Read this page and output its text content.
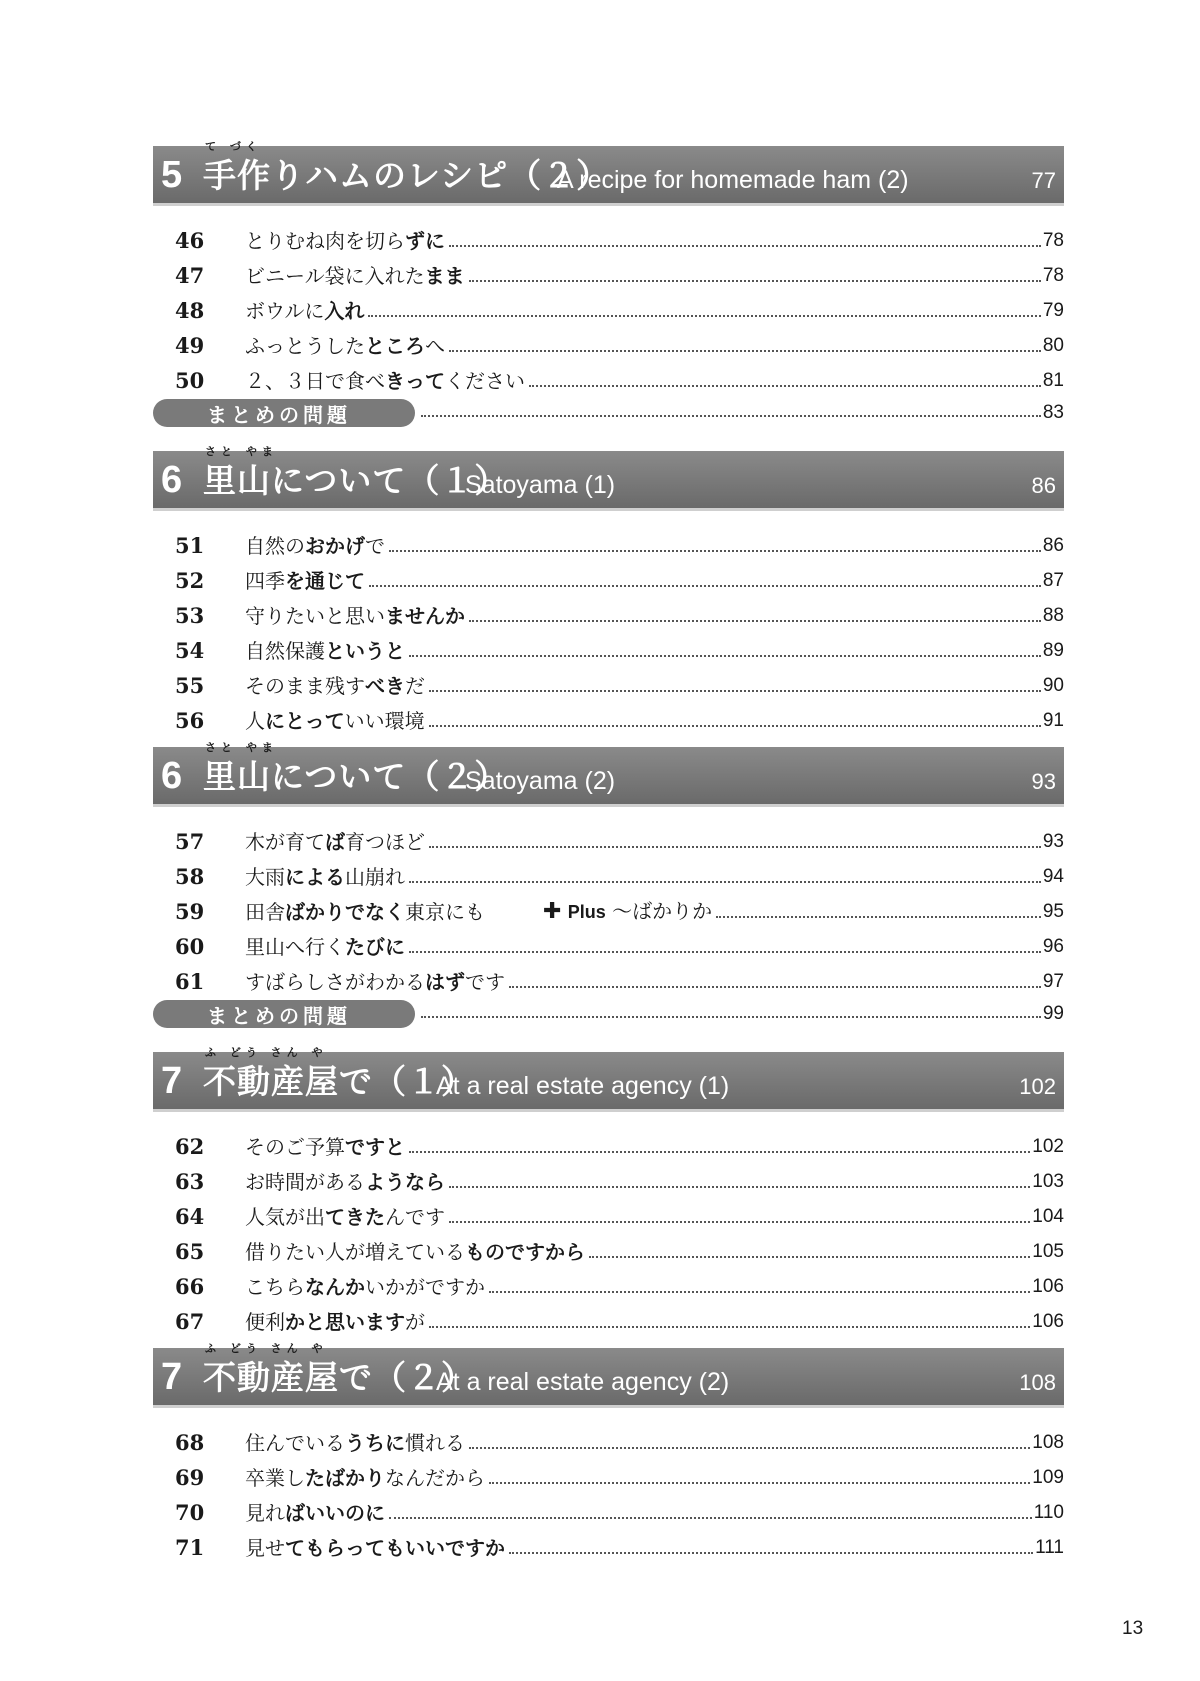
5
て づく
手作りハムのレシピ（２）
A recipe for homemade ham (2)	77
46	とりむね肉を切らずに	78
47	ビニール袋に入れたまま	78
48	ボウルに入れ	79
49	ふっとうしたところへ	80
50	２、３日で食べきってください	81
まとめの問題	83
6
さと やま
里山について（１）
Satoyama (1)	86
51	自然のおかげで	86
52	四季を通じて	87
53	守りたいと思いませんか	88
54	自然保護というと	89
55	そのまま残すべきだ	90
56	人にとっていい環境	91
6
さと やま
里山について（２）
Satoyama (2)	93
57	木が育てば育つほど	93
58	大雨による山崩れ	94
59	田舎ばかりでなく東京にも	✚ Plus ～ばかりか	95
60	里山へ行くたびに	96
61	すばらしさがわかるはずです	97
まとめの問題	99
7
ふ どう さん や
不動産屋で（１）
At a real estate agency (1)	102
62	そのご予算ですと	102
63	お時間があるようなら	103
64	人気が出てきたんです	104
65	借りたい人が増えているものですから	105
66	こちらなんかいかがですか	106
67	便利かと思いますが	106
7
ふ どう さん や
不動産屋で（２）
At a real estate agency (2)	108
68	住んでいるうちに慣れる	108
69	卒業したばかりなんだから	109
70	見ればいいのに	110
71	見せてもらってもいいですか	111
13
